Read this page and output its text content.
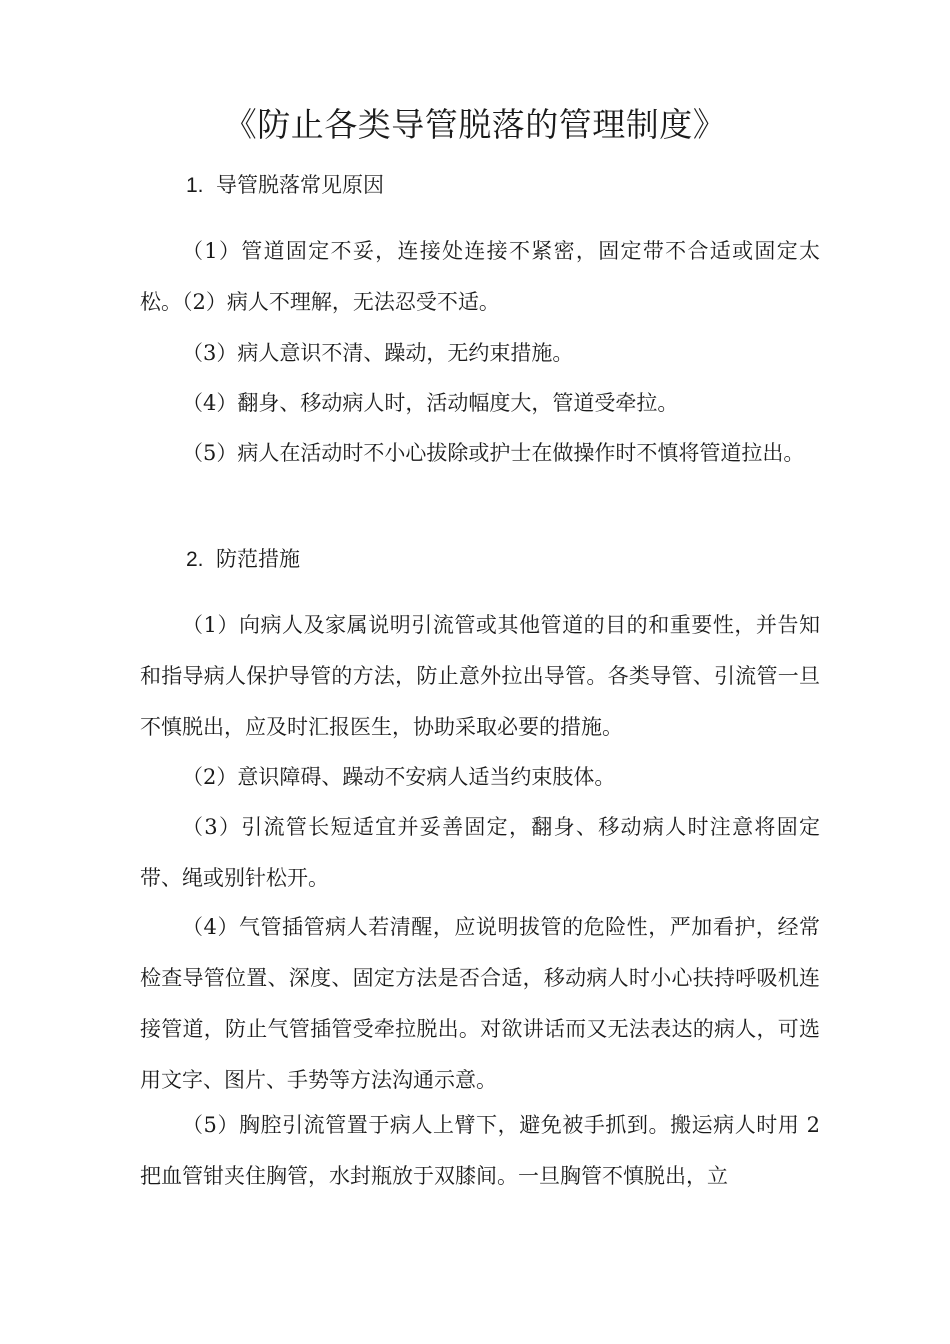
《防止各类导管脱落的管理制度》
1. 导管脱落常见原因
（1）管道固定不妥，连接处连接不紧密，固定带不合适或固定太松。（2）病人不理解，无法忍受不适。
（3）病人意识不清、躁动，无约束措施。
（4）翻身、移动病人时，活动幅度大，管道受牵拉。
（5）病人在活动时不小心拔除或护士在做操作时不慎将管道拉出。
2. 防范措施
（1）向病人及家属说明引流管或其他管道的目的和重要性，并告知和指导病人保护导管的方法，防止意外拉出导管。各类导管、引流管一旦不慎脱出，应及时汇报医生，协助采取必要的措施。
（2）意识障碍、躁动不安病人适当约束肢体。
（3）引流管长短适宜并妥善固定，翻身、移动病人时注意将固定带、绳或别针松开。
（4）气管插管病人若清醒，应说明拔管的危险性，严加看护，经常检查导管位置、深度、固定方法是否合适，移动病人时小心扶持呼吸机连接管道，防止气管插管受牵拉脱出。对欲讲话而又无法表达的病人，可选用文字、图片、手势等方法沟通示意。
（5）胸腔引流管置于病人上臂下，避免被手抓到。搬运病人时用 2 把血管钳夹住胸管，水封瓶放于双膝间。一旦胸管不慎脱出，立
